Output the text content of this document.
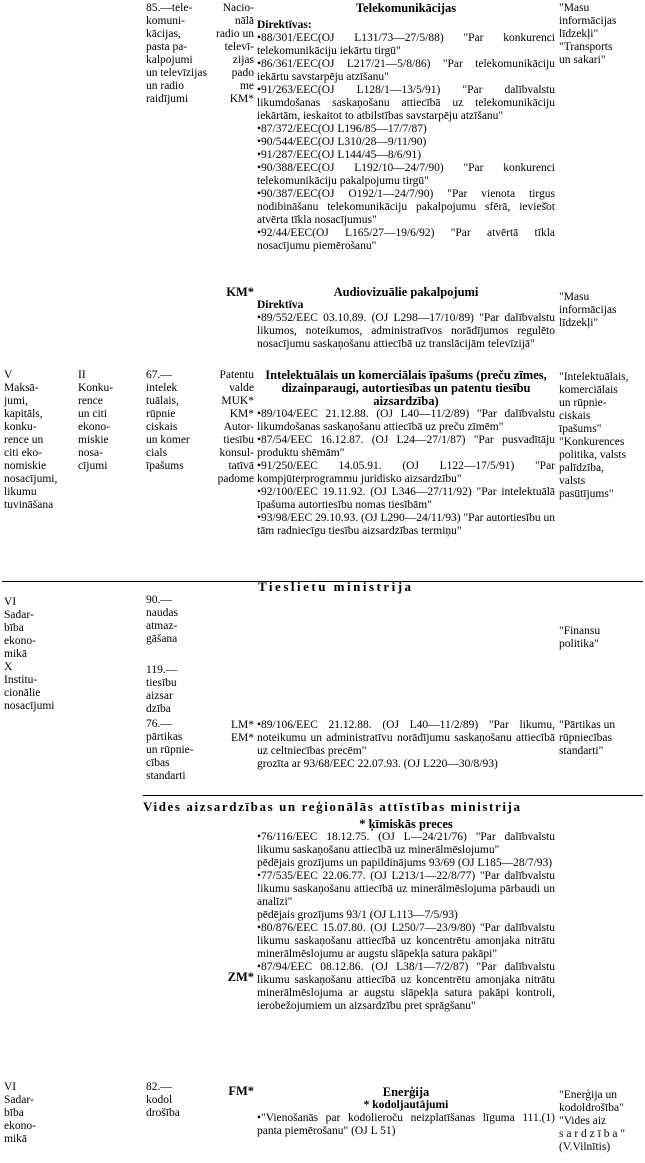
85.—tele-
komuni-
kācijas,
pasta pa-
kalpojumi
un televīzijas
un radio
raidījumi
Nacio-
nālā
radio un
televī-
zijas
pado
me
KM*
Telekomunikācijas
Direktīvas:

•88/301/EEC(OJ L131/73—27/5/88) "Par konkurenci telekomunikāciju iekārtu tirgū"

•86/361/EEC(OJ L217/21—5/8/86) "Par telekomunikāciju iekārtu savstarpēju atzīšanu"

•91/263/EEC(OJ L128/1—13/5/91) "Par dalībvalstu likumdošanas saskaņošanu attiecībā uz telekomunikāciju iekārtām, ieskaitot to atbilstības savstarpēju atzīšanu"

•87/372/EEC(OJ L196/85—17/7/87)

•90/544/EEC(OJ L310/28—9/11/90)

•91/287/EEC(OJ L144/45—8/6/91)

•90/388/EEC(OJ L192/10—24/7/90) "Par konkurenci telekomunikāciju pakalpojumu tirgū"

•90/387/EEC(OJ O192/1—24/7/90) "Par vienota tirgus nodibināšanu telekomunikāciju pakalpojumu sfērā, ievieš̄ot atvērta tīkla nosacījumus"

•92/44/EEC(OJ L165/27—19/6/92) "Par atvērtā tīkla nosacījumu piemērošanu"

"Masu
informācijas
līdzekļi"
"Transports
un sakari"
KM*	Audiovizuālie pakalpojumi
Direktīva

•89/552/EEC 03.10.89. (OJ L298—17/10/89) "Par dalībvalstu likumos, noteikumos, administratīvos norādījumos regulēto nosacījumu saskaņošanu attiecībā uz translācijām televīzijā"

"Masu
informācijas
līdzekļi"
V
Maksā-
jumi,
kapitāls,
konku-
rence un
citi eko-
nomiskie
nosacījumi,
likumu
tuvināšana
II
Konku-
rence
un citi
ekono-
miskie
nosa-
cījumi
67.—
intelek
tuālais,
rūpnie
ciskais
un komer
cials
īpašums
Patentu
valde
MUK*
KM*
Autor-
tiesību
konsul-
tatīvā
padome
Intelektuālais un komerciālais īpašums (preču zīmes, dizainparaugi, autortiesības un patentu tiesību aizsardzība)

•89/104/EEC 21.12.88. (OJ L40—11/2/89) "Par dalībvalstu likumdošanas saskaņošanu attiecībā uz preču zīmēm"

•87/54/EEC 16.12.87. (OJ L24—27/1/87) "Par pusvadītāju produktu shēmām"

•91/250/EEC 14.05.91. (OJ L122—17/5/91) "Par kompjūterprogrammu juridisko aizsardzību"

•92/100/EEC 19.11.92. (OJ L346—27/11/92) "Par intelektuālā īpašuma autortiesību nomas tiesībām"

•93/98/EEC 29.10.93. (OJ L290—24/11/93) "Par autortiesību un tām radniecīgu tiesību aizsardzības termiņu"

"Intelektuālais,
komerciālais
un rūpnie-
ciskais
īpašums"
"Konkurences
politika, valsts
palīdzība,
valsts
pasūtījums"
Tieslietu ministrija
VI
Sadar-
bība
ekono-
mikā
X
Institu-
cionālie
nosacījumi
90.—
naudas
atmaz-
gāšana
"Finansu
politika"
119.—
tiesību
aizsar
dzība
76.—
pārtikas
un rūpnie-
cības
standarti
LM*
EM*

•89/106/EEC 21.12.88. (OJ L40—11/2/89) "Par likumu, noteikumu un administratīvu norādījumu saskaņošanu attiecībā uz celtniecības precēm"

grozīta ar 93/68/EEC 22.07.93. (OJ L220—30/8/93)

"Pārtikas un
rūpniecības
standarti"
Vides aizsardzības un reģionālās attīstības ministrija
* ķīmiskās preces

•76/116/EEC 18.12.75. (OJ L—24/21/76) "Par dalībvalstu likumu saskaņošanu attiecībā uz minerālmēslojumu"

pēdējais grozījums un papildinājums 93/69 (OJ L185—28/7/93)

•77/535/EEC 22.06.77. (OJ L213/1—22/8/77) "Par dalībvalstu likumu saskaņošanu attiecībā uz minerālmēslojuma pārbaudi un analīzi"

pēdējais grozījums 93/1 (OJ L113—7/5/93)

•80/876/EEC 15.07.80. (OJ L250/7—23/9/80) "Par dalībvalstu likumu saskaņošanu attiecībā uz koncentrētu amonjaka nitrātu minerālmēslojumu ar augstu slāpekļa satura pakāpi"

•87/94/EEC 08.12.86. (OJ L38/1—7/2/87) "Par dalībvalstu likumu saskaņošanu attiecībā uz koncentrētu amonjaka nitrātu minerālmēslojuma ar augstu slāpekļa satura pakāpi kontroli, ierobežojumiem un aizsardzību pret sprāgšanu"

ZM*
VI
Sadar-
bība
ekono-
mikā
82.—
kodol
drošība
FM*	Enerģija
* kodoljautājumi

•"Vienošanās par kodolieroču neizplatīšanas līguma 111.(1) panta piemērošanu" (OJ L 51)

"Enerģija un
kodoldrošība"
"Vides aiz
s a r d z ī b a "
(V.Vilnītis)
